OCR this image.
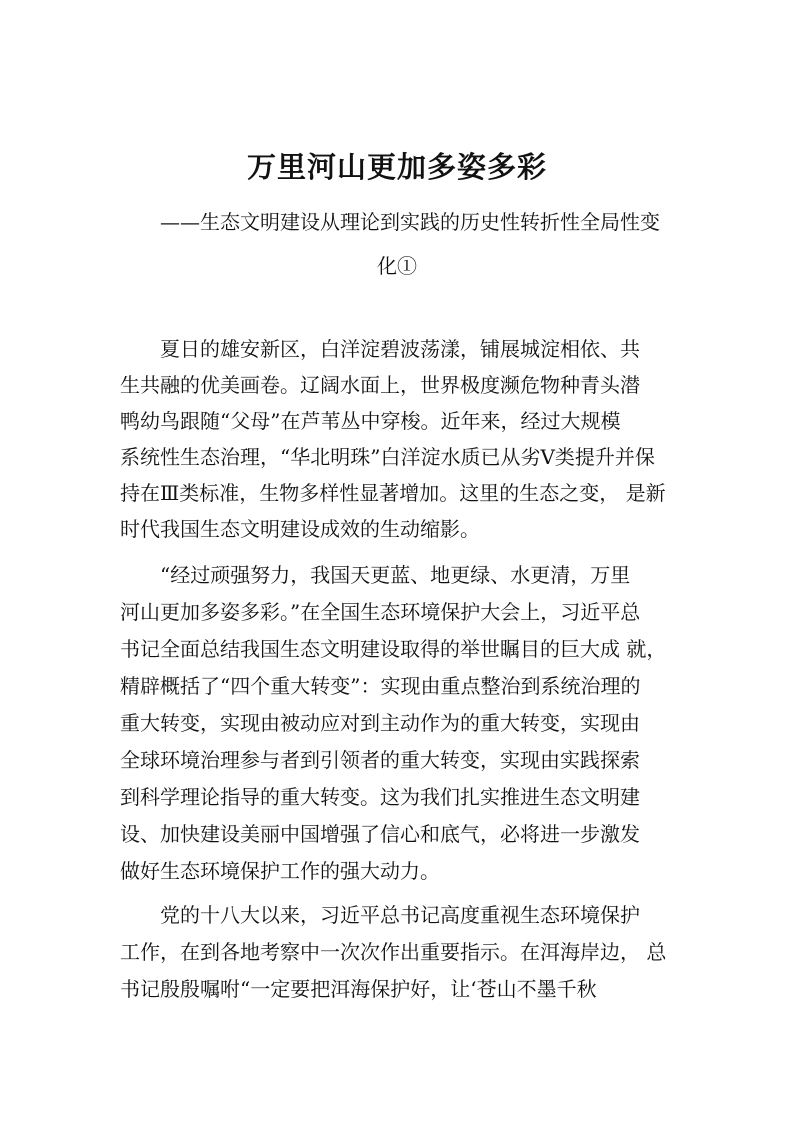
万里河山更加多姿多彩

——生态文明建设从理论到实践的历史性转折性全局性变

化①

　　夏日的雄安新区，白洋淀碧波荡漾，铺展城淀相依、共

生共融的优美画卷。辽阔水面上，世界极度濒危物种青头潜

鸭幼鸟跟随“父母”在芦苇丛中穿梭。近年来，经过大规模

系统性生态治理，“华北明珠”白洋淀水质已从劣Ⅴ类提升并保

持在Ⅲ类标准，生物多样性显著增加。这里的生态之变， 是新

时代我国生态文明建设成效的生动缩影。

　　“经过顽强努力，我国天更蓝、地更绿、水更清，万里

河山更加多姿多彩。”在全国生态环境保护大会上，习近平总

书记全面总结我国生态文明建设取得的举世瞩目的巨大成 就，

精辟概括了“四个重大转变”：实现由重点整治到系统治理的

重大转变，实现由被动应对到主动作为的重大转变，实现由

全球环境治理参与者到引领者的重大转变，实现由实践探索

到科学理论指导的重大转变。这为我们扎实推进生态文明建

设、加快建设美丽中国增强了信心和底气，必将进一步激发

做好生态环境保护工作的强大动力。

　　党的十八大以来，习近平总书记高度重视生态环境保护

工作，在到各地考察中一次次作出重要指示。在洱海岸边， 总

书记殷殷嘱咐“一定要把洱海保护好，让‘苍山不墨千秋
